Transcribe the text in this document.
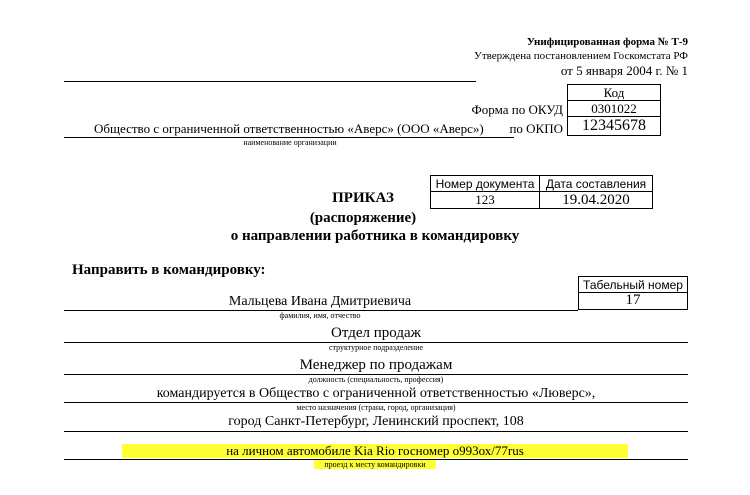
Унифицированная форма № Т-9
Утверждена постановлением Госкомстата РФ
от 5 января 2004 г. № 1
Код
0301022
12345678
Форма по ОКУД
по ОКПО
Общество с ограниченной ответственностью «Аверс» (ООО «Аверс»)
наименование организации
Номер документа Дата составления
123	19.04.2020
ПРИКАЗ
(распоряжение)
о направлении работника в командировку
Направить в командировку:
Табельный номер
17
Мальцева Ивана Дмитриевича
фамилия, имя, отчество
Отдел продаж
структурное подразделение
Менеджер по продажам
должность (специальность, профессия)
командируется в Общество с ограниченной ответственностью «Люверс»,
место назначения (страна, город, организация)
город Санкт-Петербург, Ленинский проспект, 108
на личном автомобиле Kia Rio госномер о993ох/77rus
проезд к месту командировки
